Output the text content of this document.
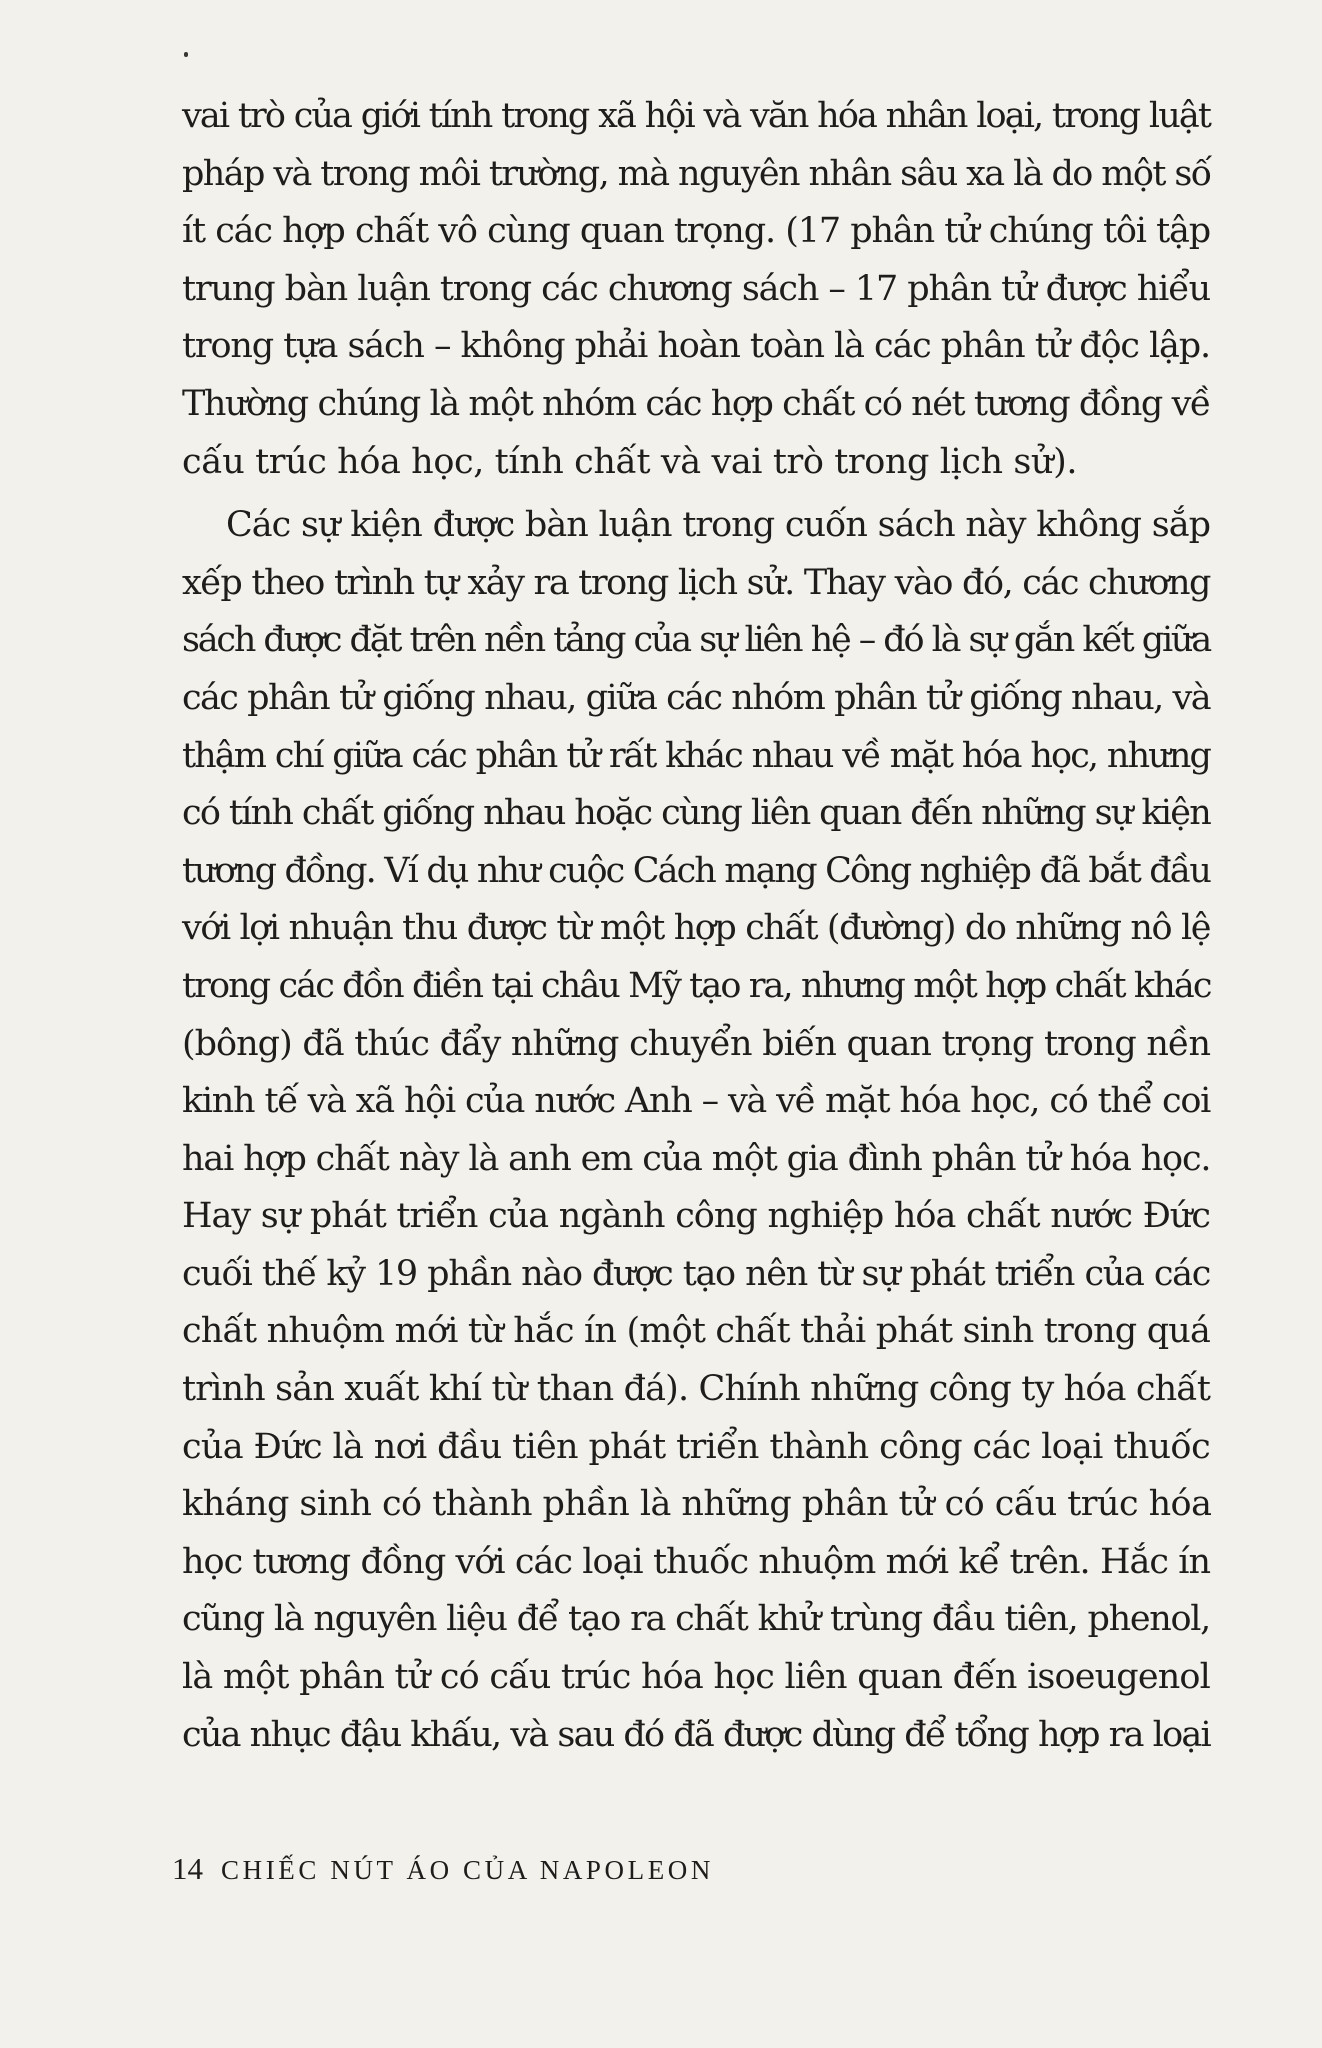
vai trò của giới tính trong xã hội và văn hóa nhân loại, trong luật
pháp và trong môi trường, mà nguyên nhân sâu xa là do một số
ít các hợp chất vô cùng quan trọng. (17 phân tử chúng tôi tập
trung bàn luận trong các chương sách – 17 phân tử được hiểu
trong tựa sách – không phải hoàn toàn là các phân tử độc lập.
Thường chúng là một nhóm các hợp chất có nét tương đồng về
cấu trúc hóa học, tính chất và vai trò trong lịch sử).
Các sự kiện được bàn luận trong cuốn sách này không sắp
xếp theo trình tự xảy ra trong lịch sử. Thay vào đó, các chương
sách được đặt trên nền tảng của sự liên hệ – đó là sự gắn kết giữa
các phân tử giống nhau, giữa các nhóm phân tử giống nhau, và
thậm chí giữa các phân tử rất khác nhau về mặt hóa học, nhưng
có tính chất giống nhau hoặc cùng liên quan đến những sự kiện
tương đồng. Ví dụ như cuộc Cách mạng Công nghiệp đã bắt đầu
với lợi nhuận thu được từ một hợp chất (đường) do những nô lệ
trong các đồn điền tại châu Mỹ tạo ra, nhưng một hợp chất khác
(bông) đã thúc đẩy những chuyển biến quan trọng trong nền
kinh tế và xã hội của nước Anh – và về mặt hóa học, có thể coi
hai hợp chất này là anh em của một gia đình phân tử hóa học.
Hay sự phát triển của ngành công nghiệp hóa chất nước Đức
cuối thế kỷ 19 phần nào được tạo nên từ sự phát triển của các
chất nhuộm mới từ hắc ín (một chất thải phát sinh trong quá
trình sản xuất khí từ than đá). Chính những công ty hóa chất
của Đức là nơi đầu tiên phát triển thành công các loại thuốc
kháng sinh có thành phần là những phân tử có cấu trúc hóa
học tương đồng với các loại thuốc nhuộm mới kể trên. Hắc ín
cũng là nguyên liệu để tạo ra chất khử trùng đầu tiên, phenol,
là một phân tử có cấu trúc hóa học liên quan đến isoeugenol
của nhục đậu khấu, và sau đó đã được dùng để tổng hợp ra loại
14 CHIẾC NÚT ÁO CỦA NAPOLEON
